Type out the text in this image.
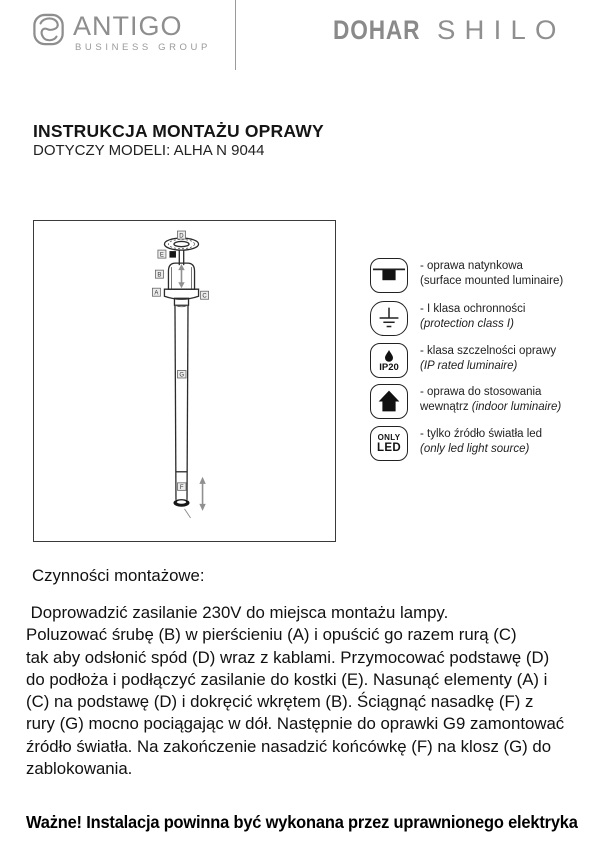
ANTIGO
BUSINESS GROUP
DOHAR SHILO
INSTRUKCJA MONTAŻU OPRAWY
DOTYCZY MODELI: ALHA N 9044
D
E
B
A
C
G
F
- oprawa natynkowa
(surface mounted luminaire)
- I klasa ochronności
(protection class I)
IP20
- klasa szczelności oprawy
(IP rated luminaire)
- oprawa do stosowania
wewnątrz (indoor luminaire)
ONLY
LED
- tylko źródło światła led
(only led light source)
Czynności montażowe:
Doprowadzić zasilanie 230V do miejsca montażu lampy.
Poluzować śrubę (B) w pierścieniu (A) i opuścić go razem rurą (C)
tak aby odsłonić spód (D) wraz z kablami. Przymocować podstawę (D)
do podłoża i podłączyć zasilanie do kostki (E). Nasunąć elementy (A) i
(C) na podstawę (D) i dokręcić wkrętem (B). Ściągnąć nasadkę (F) z
rury (G) mocno pociągając w dół. Następnie do oprawki G9 zamontować
źródło światła. Na zakończenie nasadzić końcówkę (F) na klosz (G) do
zablokowania.
Ważne! Instalacja powinna być wykonana przez uprawnionego elektryka
